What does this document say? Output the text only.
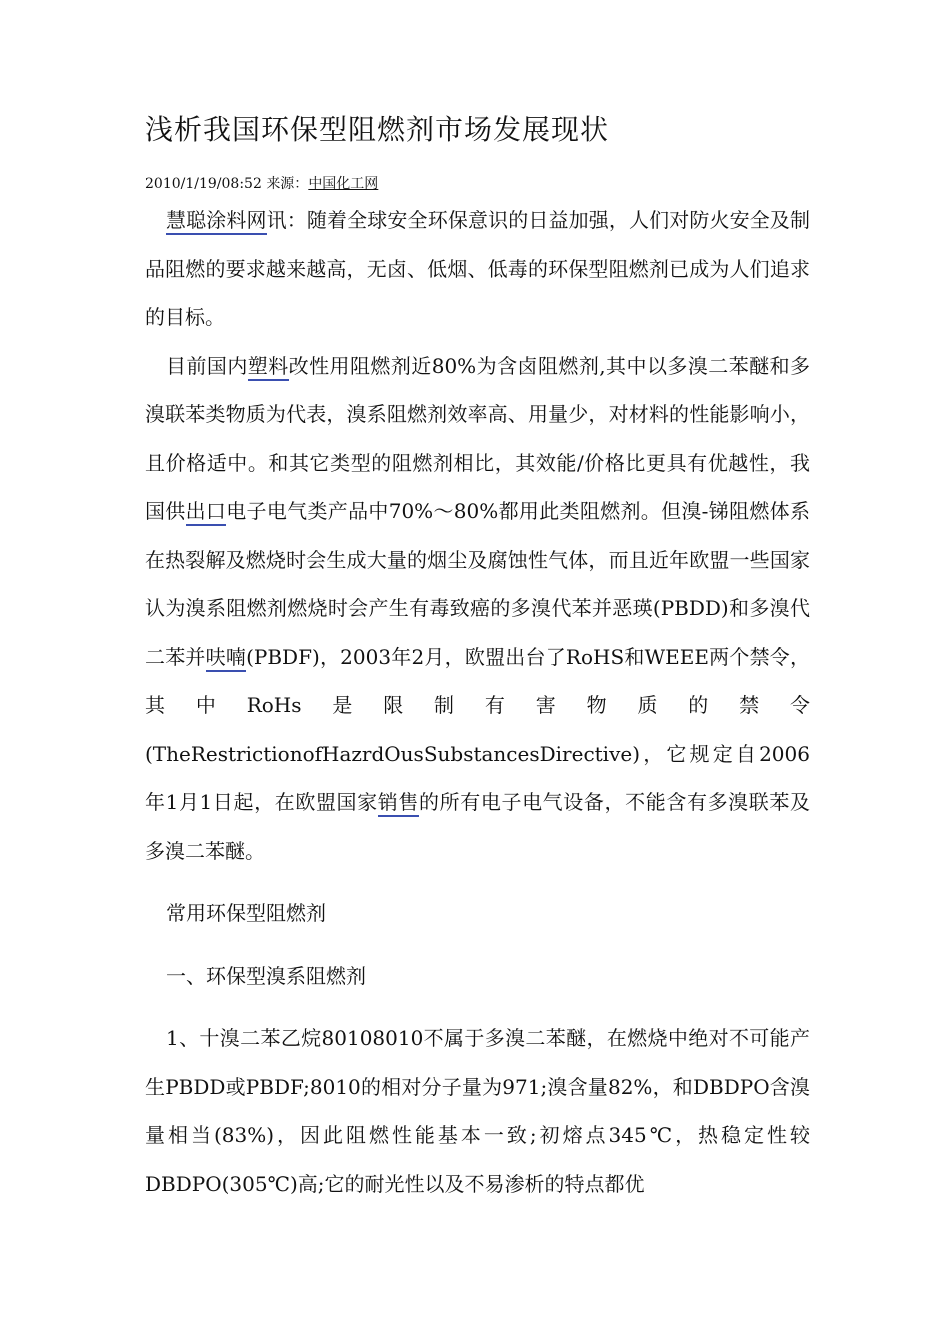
浅析我国环保型阻燃剂市场发展现状
2010/1/19/08:52 来源：中国化工网

慧聪涂料网讯：随着全球安全环保意识的日益加强，人们对防火安全及制品阻燃的要求越来越高，无卤、低烟、低毒的环保型阻燃剂已成为人们追求的目标。

目前国内塑料改性用阻燃剂近80%为含卤阻燃剂,其中以多溴二苯醚和多溴联苯类物质为代表，溴系阻燃剂效率高、用量少，对材料的性能影响小，且价格适中。和其它类型的阻燃剂相比，其效能/价格比更具有优越性，我国供出口电子电气类产品中70%～80%都用此类阻燃剂。但溴-锑阻燃体系在热裂解及燃烧时会生成大量的烟尘及腐蚀性气体，而且近年欧盟一些国家认为溴系阻燃剂燃烧时会产生有毒致癌的多溴代苯并恶瑛(PBDD)和多溴代二苯并呋喃(PBDF)，2003年2月，欧盟出台了RoHS和WEEE两个禁令，其中RoHs是限制有害物质的禁令(TheRestrictionofHazrdOusSubstancesDirective)，它规定自2006年1月1日起，在欧盟国家销售的所有电子电气设备，不能含有多溴联苯及多溴二苯醚。

常用环保型阻燃剂

一、环保型溴系阻燃剂

1、十溴二苯乙烷80108010不属于多溴二苯醚，在燃烧中绝对不可能产生PBDD或PBDF;8010的相对分子量为971;溴含量82%，和DBDPO含溴量相当(83%)，因此阻燃性能基本一致;初熔点345℃，热稳定性较DBDPO(305℃)高;它的耐光性以及不易渗析的特点都优
